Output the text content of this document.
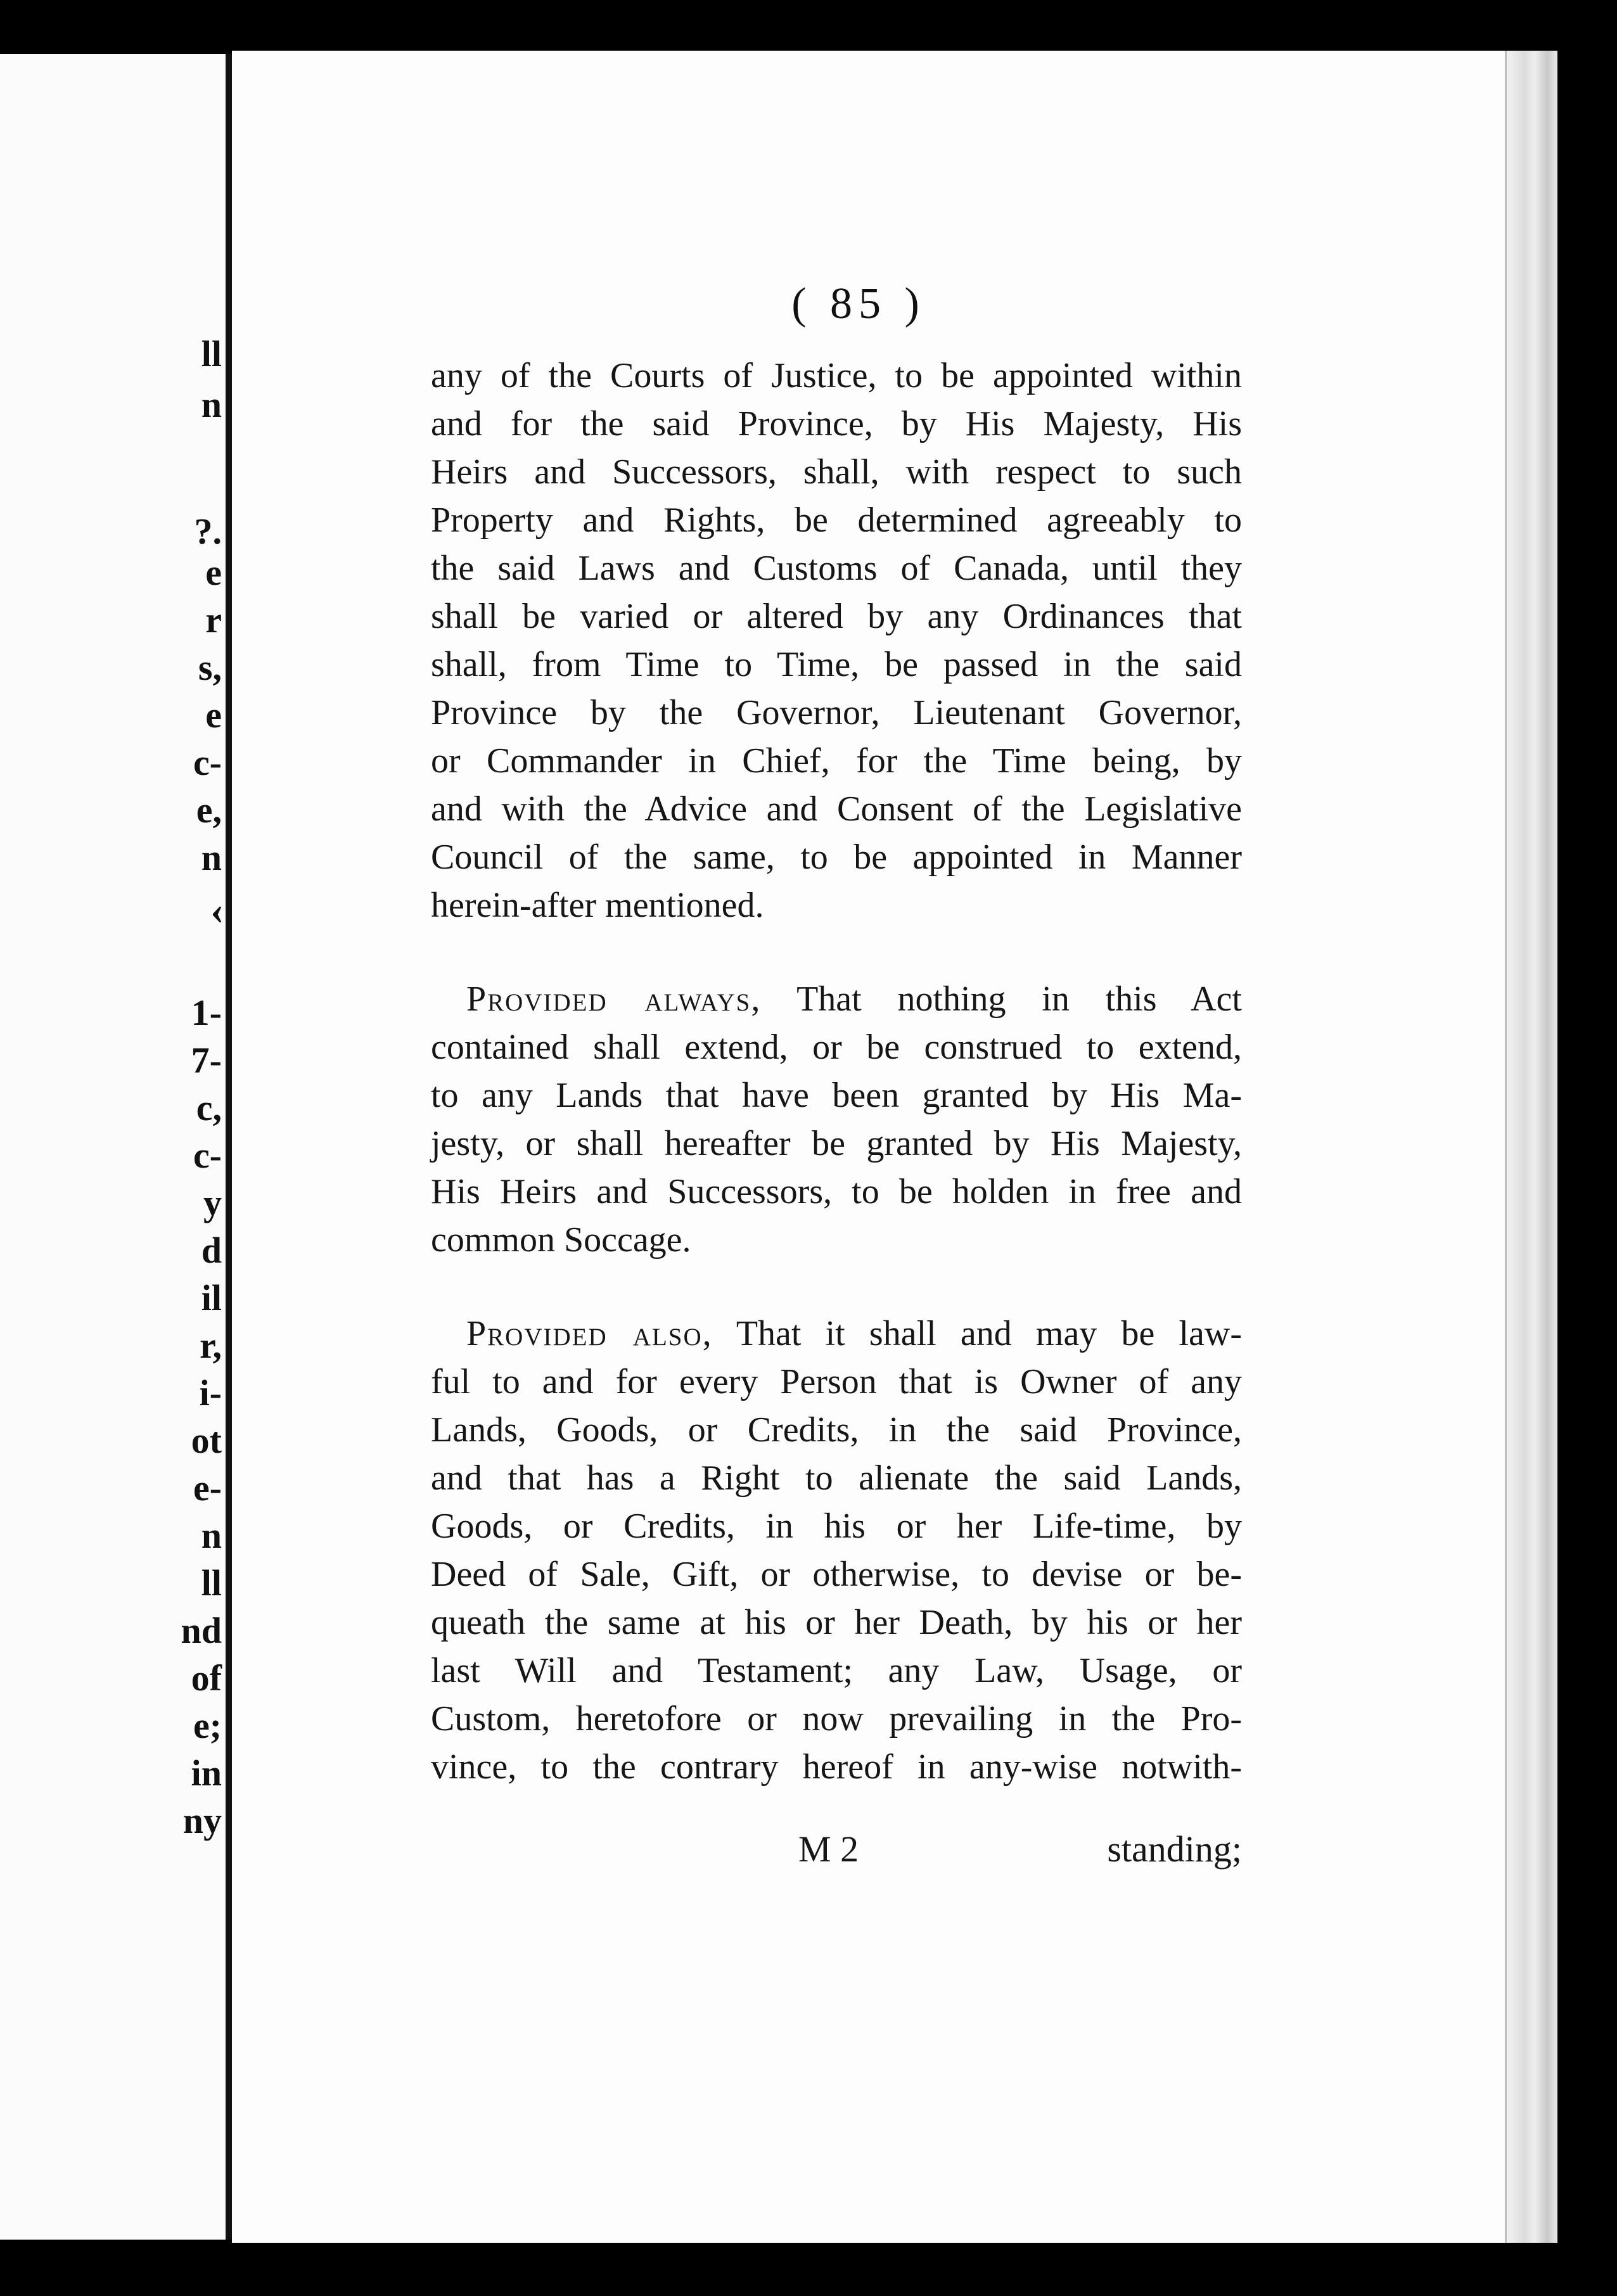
ll
n
?.
e
r
s,
e
c-
e,
n
1-
7-
c,
c-
y
d
il
r,
i-
ot
e-
n
ll
nd
of
e;
in
ny
‹
( 85 )

any of the Courts of Justice, to be appointed within

and for the said Province, by His Majesty, His

Heirs and Successors, shall, with respect to such

Property and Rights, be determined agreeably to

the said Laws and Customs of Canada, until they

shall be varied or altered by any Ordinances that

shall, from Time to Time, be passed in the said

Province by the Governor, Lieutenant Governor,

or Commander in Chief, for the Time being, by

and with the Advice and Consent of the Legislative

Council of the same, to be appointed in Manner

herein-after mentioned.

 Provided always, That nothing in this Act

contained shall extend, or be construed to extend,

to any Lands that have been granted by His Ma-

jesty, or shall hereafter be granted by His Majesty,

His Heirs and Successors, to be holden in free and

common Soccage.

 Provided also, That it shall and may be law-

ful to and for every Person that is Owner of any

Lands, Goods, or Credits, in the said Province,

and that has a Right to alienate the said Lands,

Goods, or Credits, in his or her Life-time, by

Deed of Sale, Gift, or otherwise, to devise or be-

queath the same at his or her Death, by his or her

last Will and Testament; any Law, Usage, or

Custom, heretofore or now prevailing in the Pro-

vince, to the contrary hereof in any-wise notwith-

M 2	standing;
